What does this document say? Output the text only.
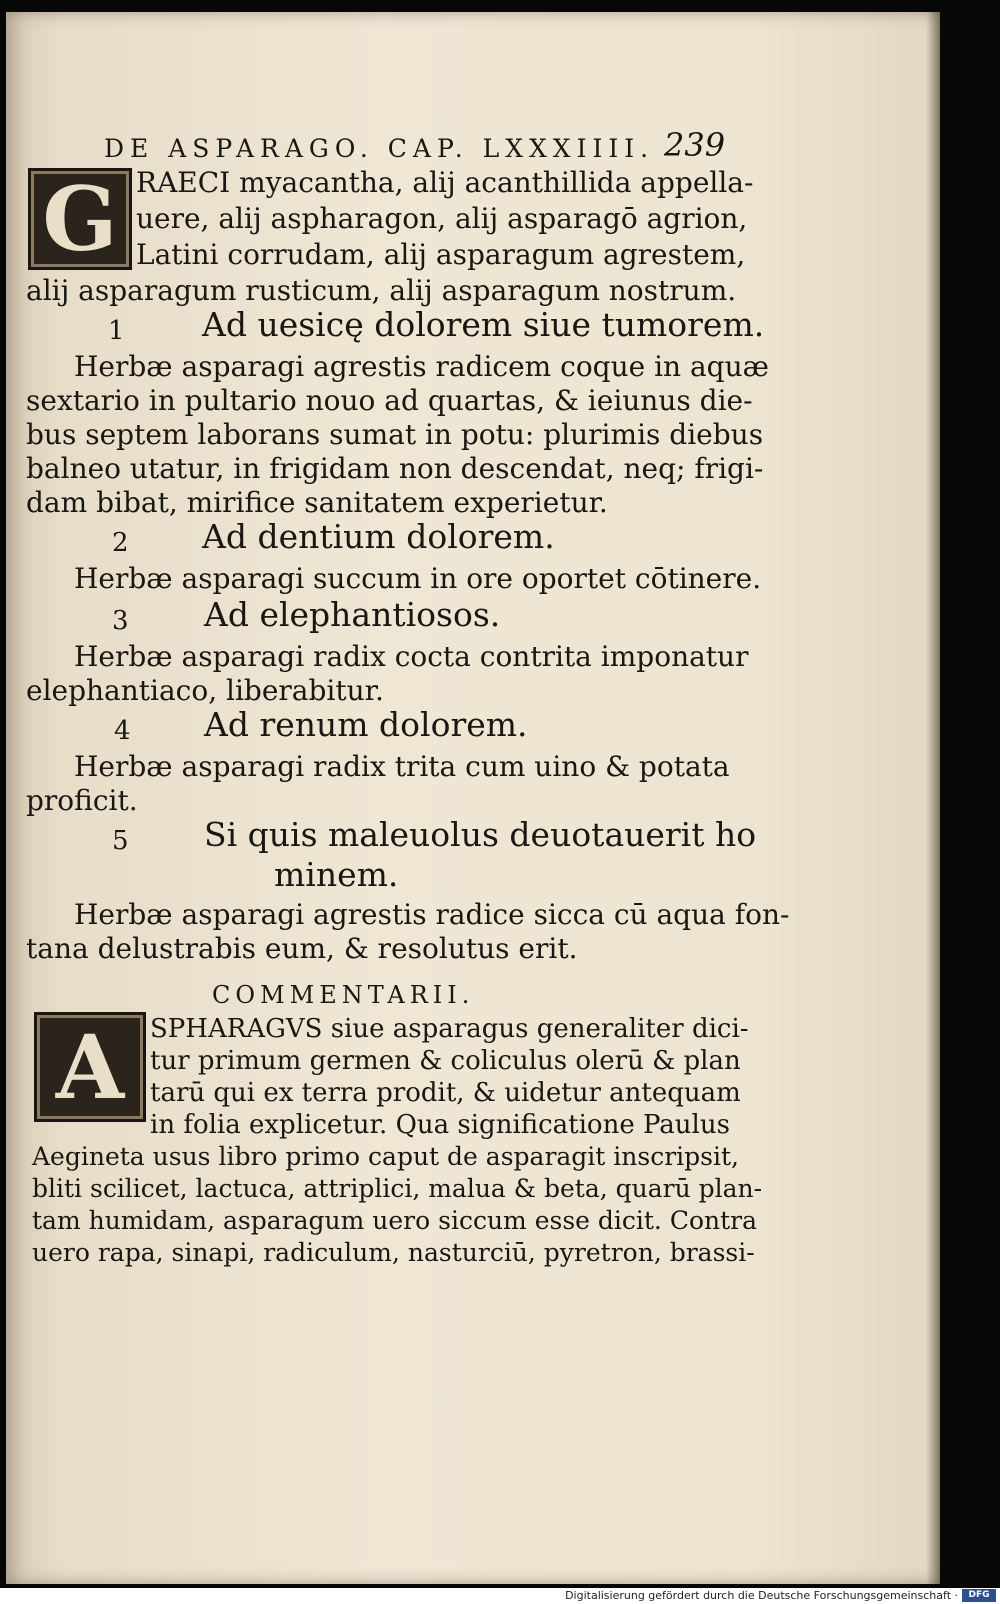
DE ASPARAGO. CAP. LXXXIIII. 239
G RAECI myacantha, alij acanthillida appella-
uere, alij aspharagon, alij asparagō agrion,
Latini corrudam, alij asparagum agrestem,
alij asparagum rusticum, alij asparagum nostrum.
1 Ad uesicę dolorem siue tumorem.
Herbæ asparagi agrestis radicem coque in aquæ
sextario in pultario nouo ad quartas, & ieiunus die-
bus septem laborans sumat in potu: plurimis diebus
balneo utatur, in frigidam non descendat, neq; frigi-
dam bibat, mirifice sanitatem experietur.
2 Ad dentium dolorem.
Herbæ asparagi succum in ore oportet cōtinere.
3 Ad elephantiosos.
Herbæ asparagi radix cocta contrita imponatur
elephantiaco, liberabitur.
4 Ad renum dolorem.
Herbæ asparagi radix trita cum uino & potata
proficit.
5 Si quis maleuolus deuotauerit ho
minem.
Herbæ asparagi agrestis radice sicca cū aqua fon-
tana delustrabis eum, & resolutus erit.
COMMENTARII.
A SPHARAGVS siue asparagus generaliter dici-
tur primum germen & coliculus olerū & plan
tarū qui ex terra prodit, & uidetur antequam
in folia explicetur. Qua significatione Paulus
Aegineta usus libro primo caput de asparagit inscripsit,
bliti scilicet, lactuca, attriplici, malua & beta, quarū plan-
tam humidam, asparagum uero siccum esse dicit. Contra
uero rapa, sinapi, radiculum, nasturciū, pyretron, brassi-
Digitalisierung gefördert durch die Deutsche Forschungsgemeinschaft ·	DFG
